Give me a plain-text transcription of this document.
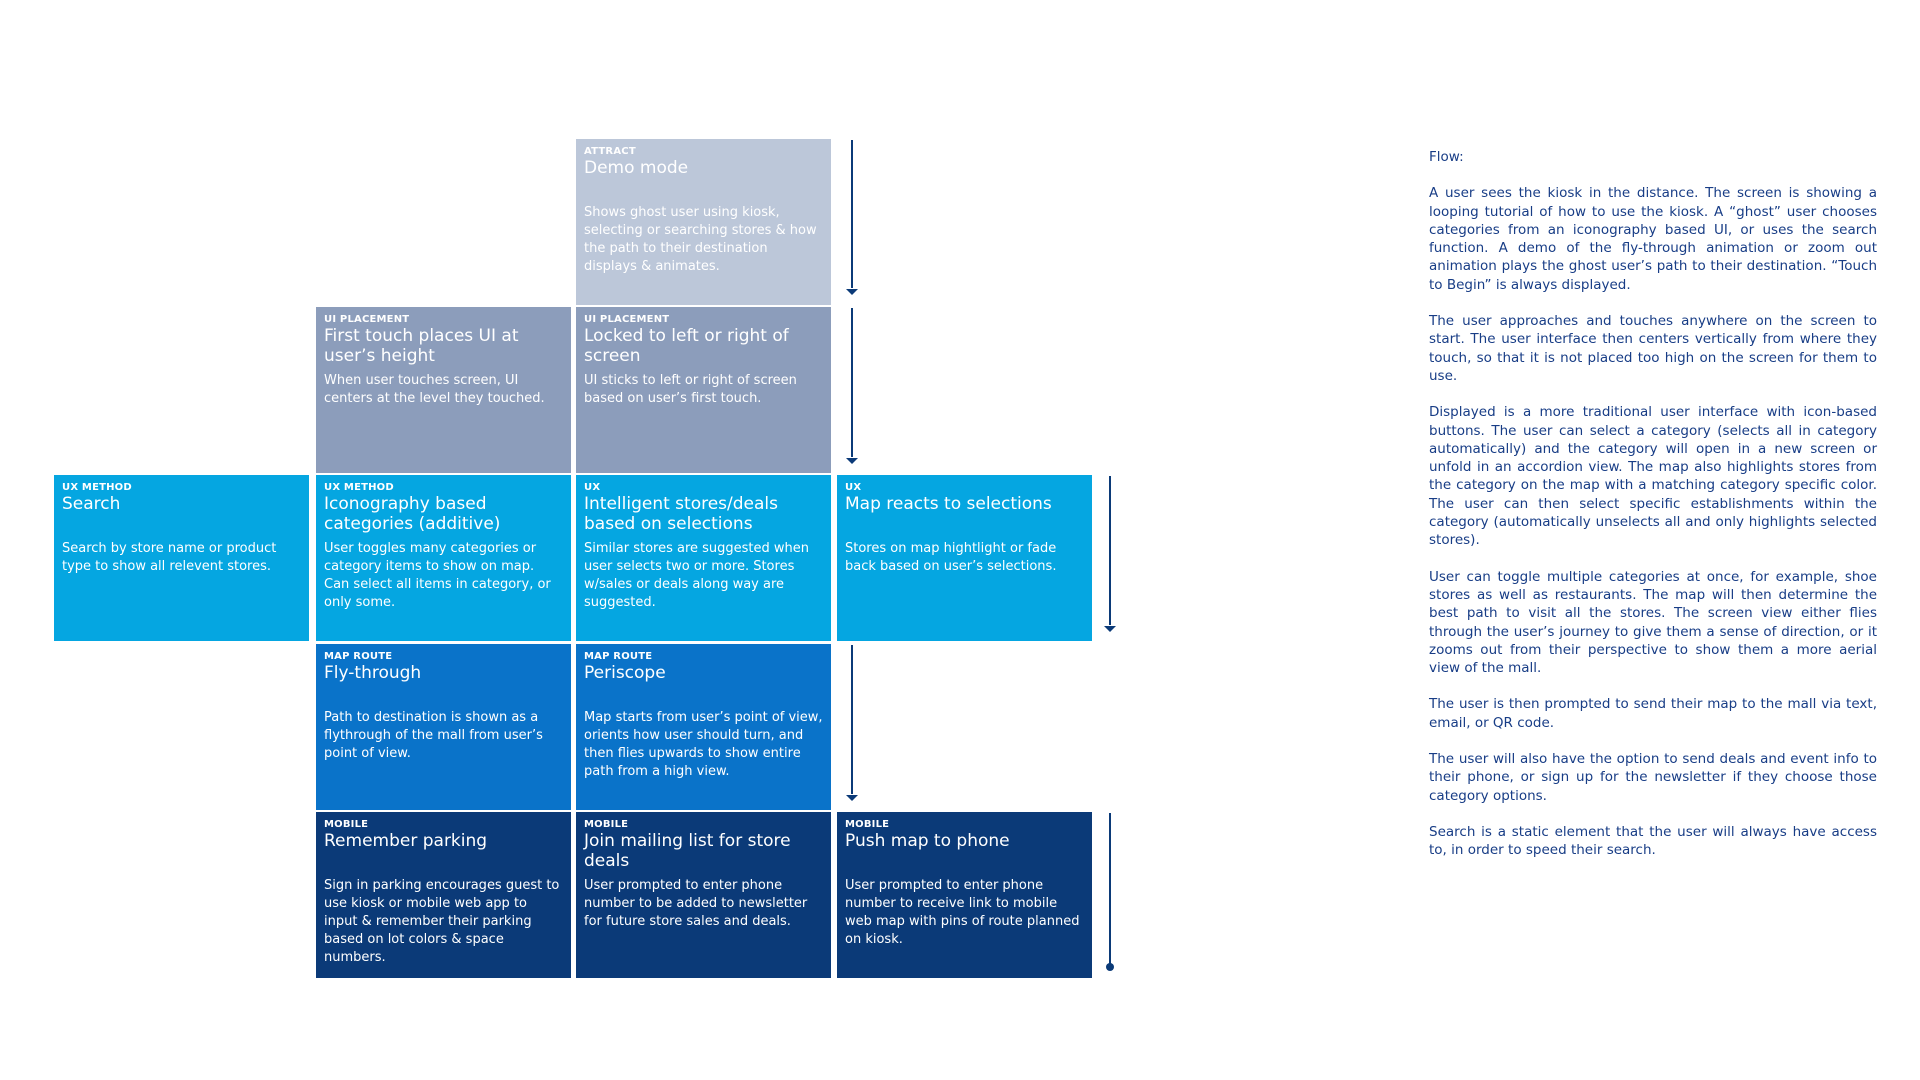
ATTRACT
Demo mode
Shows ghost user using kiosk, selecting or searching stores & how the path to their destination displays & animates.
UI PLACEMENT
First touch places UI at user’s height
When user touches screen, UI centers at the level they touched.
UI PLACEMENT
Locked to left or right of screen
UI sticks to left or right of screen based on user’s first touch.
UX METHOD
Search
Search by store name or product type to show all relevent stores.
UX METHOD
Iconography based categories (additive)
User toggles many categories or category items to show on map. Can select all items in category, or only some.
UX
Intelligent stores/deals based on selections
Similar stores are suggested when user selects two or more. Stores w/sales or deals along way are suggested.
UX
Map reacts to selections
Stores on map hightlight or fade back based on user’s selections.
MAP ROUTE
Fly-through
Path to destination is shown as a flythrough of the mall from user’s point of view.
MAP ROUTE
Periscope
Map starts from user’s point of view, orients how user should turn, and then flies upwards to show entire path from a high view.
MOBILE
Remember parking
Sign in parking encourages guest to use kiosk or mobile web app to input & remember their parking based on lot colors & space numbers.
MOBILE
Join mailing list for store deals
User prompted to enter phone number to be added to newsletter for future store sales and deals.
MOBILE
Push map to phone
User prompted to enter phone number to receive link to mobile web map with pins of route planned on kiosk.
Flow:

A user sees the kiosk in the distance. The screen is showing a looping tutorial of how to use the kiosk. A “ghost” user chooses categories from an iconography based UI, or uses the search function. A demo of the fly-through animation or zoom out animation plays the ghost user’s path to their destination. “Touch to Begin” is always displayed.

The user approaches and touches anywhere on the screen to start. The user interface then centers vertically from where they touch, so that it is not placed too high on the screen for them to use.

Displayed is a more traditional user interface with icon-based buttons. The user can select a category (selects all in category automatically) and the category will open in a new screen or unfold in an accordion view. The map also highlights stores from the category on the map with a matching category specific color. The user can then select specific establishments within the category (automatically unselects all and only highlights selected stores).

User can toggle multiple categories at once, for example, shoe stores as well as restaurants. The map will then determine the best path to visit all the stores. The screen view either flies through the user’s journey to give them a sense of direction, or it zooms out from their perspective to show them a more aerial view of the mall.

The user is then prompted to send their map to the mall via text, email, or QR code.

The user will also have the option to send deals and event info to their phone, or sign up for the newsletter if they choose those category options.

Search is a static element that the user will always have access to, in order to speed their search.
